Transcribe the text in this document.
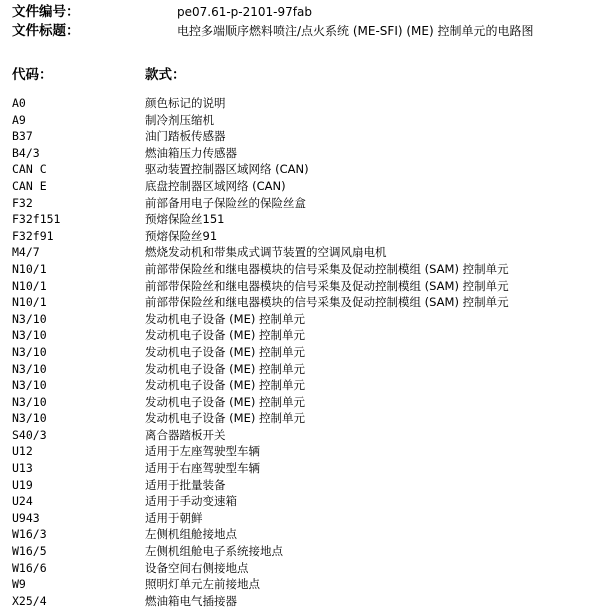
文件编号：	pe07.61-p-2101-97fab
文件标题：	电控多端顺序燃料喷注/点火系统 (ME-SFI) (ME) 控制单元的电路图
代码：	款式：
A0	颜色标记的说明
A9	制冷剂压缩机
B37	油门踏板传感器
B4/3	燃油箱压力传感器
CAN C	驱动装置控制器区域网络 (CAN)
CAN E	底盘控制器区域网络 (CAN)
F32	前部备用电子保险丝的保险丝盒
F32f151	预熔保险丝151
F32f91	预熔保险丝91
M4/7	燃烧发动机和带集成式调节装置的空调风扇电机
N10/1	前部带保险丝和继电器模块的信号采集及促动控制模组 (SAM) 控制单元
N10/1	前部带保险丝和继电器模块的信号采集及促动控制模组 (SAM) 控制单元
N10/1	前部带保险丝和继电器模块的信号采集及促动控制模组 (SAM) 控制单元
N3/10	发动机电子设备 (ME) 控制单元
N3/10	发动机电子设备 (ME) 控制单元
N3/10	发动机电子设备 (ME) 控制单元
N3/10	发动机电子设备 (ME) 控制单元
N3/10	发动机电子设备 (ME) 控制单元
N3/10	发动机电子设备 (ME) 控制单元
N3/10	发动机电子设备 (ME) 控制单元
S40/3	离合器踏板开关
U12	适用于左座驾驶型车辆
U13	适用于右座驾驶型车辆
U19	适用于批量装备
U24	适用于手动变速箱
U943	适用于朝鲜
W16/3	左侧机组舱接地点
W16/5	左侧机组舱电子系统接地点
W16/6	设备空间右侧接地点
W9	照明灯单元左前接地点
X25/4	燃油箱电气插接器
